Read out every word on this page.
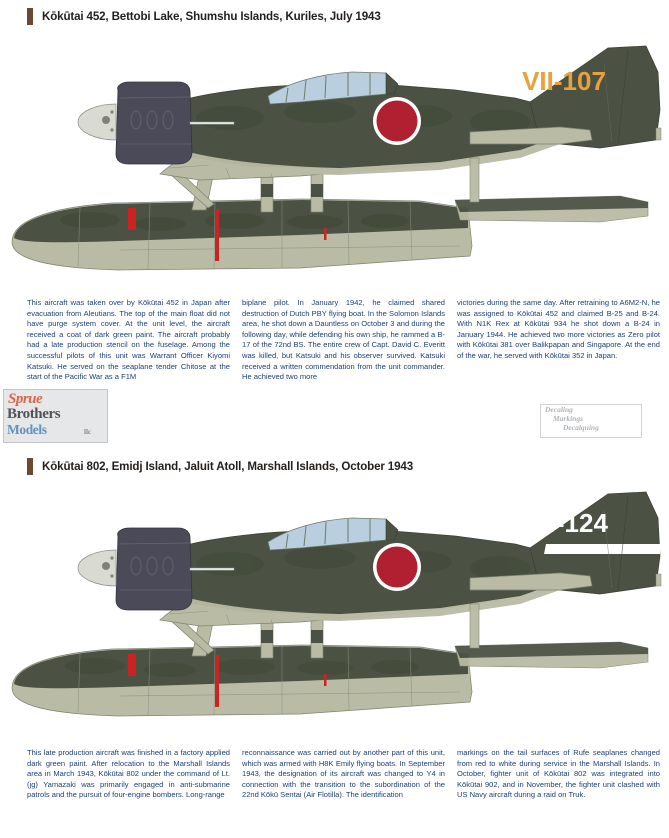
Kōkūtai 452, Bettobi Lake, Shumshu Islands, Kuriles, July 1943
VII-107

This aircraft was taken over by Kōkūtai 452 in Japan after evacuation from Aleutians. The top of the main float did not have purge system cover. At the unit level, the aircraft received a coat of dark green paint. The aircraft probably had a late production stencil on the fuselage. Among the successful pilots of this unit was Warrant Officer Kiyomi Katsuki. He served on the seaplane tender Chitose at the start of the Pacific War as a F1M

biplane pilot. In January 1942, he claimed shared destruction of Dutch PBY flying boat. In the Solomon Islands area, he shot down a Dauntless on October 3 and during the following day, while defending his own ship, he rammed a B-17 of the 72nd BS. The entire crew of Capt. David C. Everitt was killed, but Katsuki and his observer survived. Katsuki received a written commendation from the unit commander. He achieved two more

victories during the same day. After retraining to A6M2-N, he was assigned to Kōkūtai 452 and claimed B-25 and B-24. With N1K Rex at Kōkūtai 934 he shot down a B-24 in January 1944. He achieved two more victories as Zero pilot with Kōkūtai 381 over Balikpapan and Singapore. At the end of the war, he served with Kōkūtai 352 in Japan.

Kōkūtai 802, Emidj Island, Jaluit Atoll, Marshall Islands, October 1943
Y4-124

This late production aircraft was finished in a factory applied dark green paint. After relocation to the Marshall Islands area in March 1943, Kōkūtai 802 under the command of Lt.(jg) Yamazaki was primarily engaged in anti-submarine patrols and the pursuit of four-engine bombers. Long-range

reconnaissance was carried out by another part of this unit, which was armed with H8K Emily flying boats. In September 1943, the designation of its aircraft was changed to Y4 in connection with the transition to the subordination of the 22nd Kōkū Sentai (Air Flotilla). The identification

markings on the tail surfaces of Rufe seaplanes changed from red to white during service in the Marshall Islands. In October, fighter unit of Kōkūtai 802 was integrated into Kōkūtai 902, and in November, the fighter unit clashed with US Navy aircraft during a raid on Truk.

Sprue
Brothers
Models	llc
Decaling
Markings
Decalquing
